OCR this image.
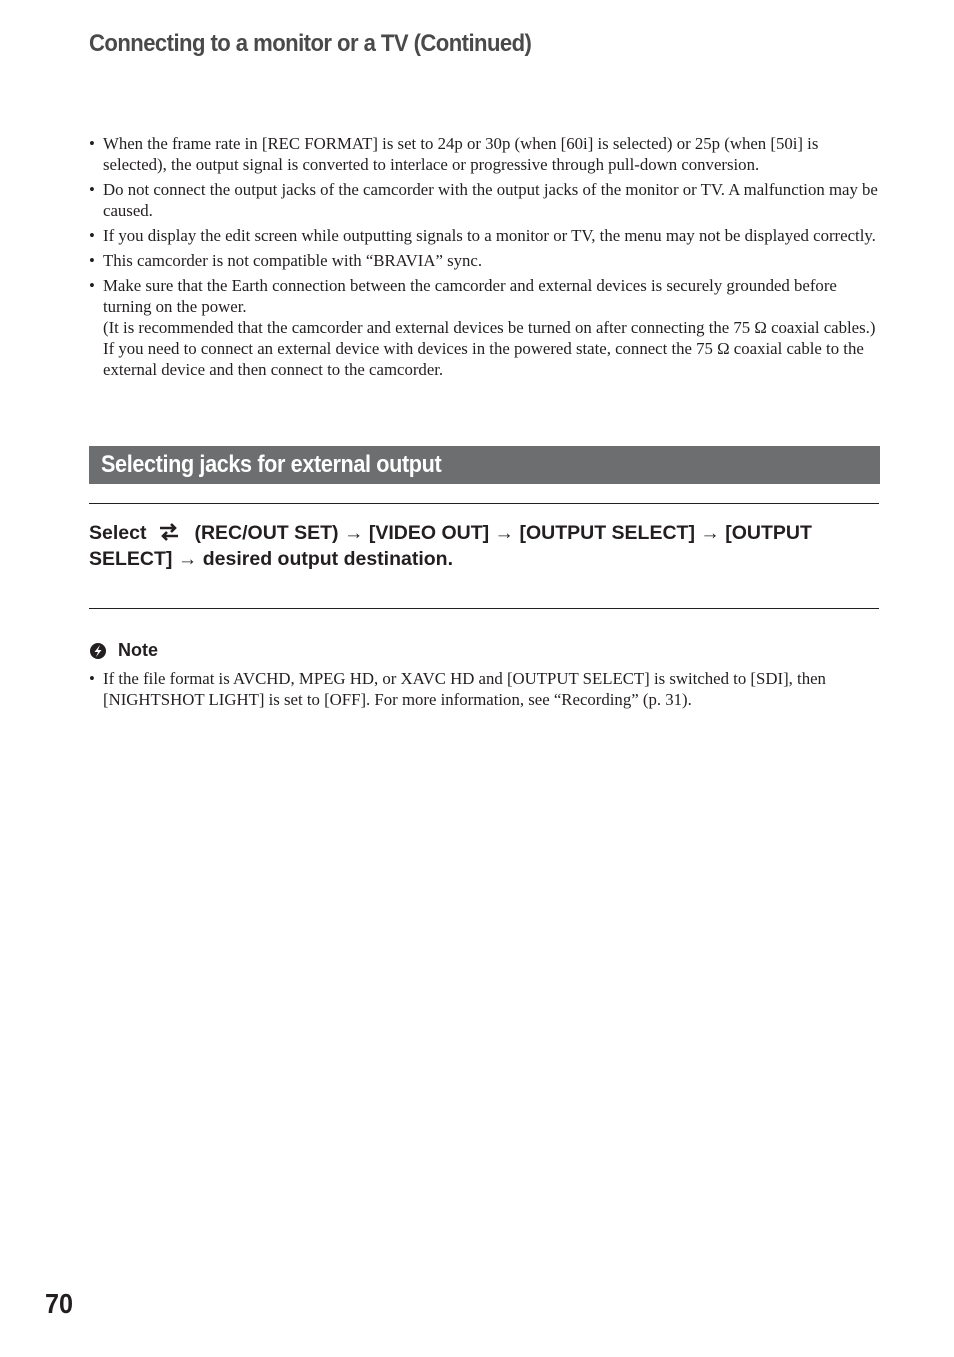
Connecting to a monitor or a TV (Continued)
• When the frame rate in [REC FORMAT] is set to 24p or 30p (when [60i] is selected) or 25p (when [50i] is selected), the output signal is converted to interlace or progressive through pull-down conversion.
• Do not connect the output jacks of the camcorder with the output jacks of the monitor or TV. A malfunction may be caused.
• If you display the edit screen while outputting signals to a monitor or TV, the menu may not be displayed correctly.
• This camcorder is not compatible with “BRAVIA” sync.
• Make sure that the Earth connection between the camcorder and external devices is securely grounded before turning on the power.
(It is recommended that the camcorder and external devices be turned on after connecting the 75 Ω coaxial cables.)
If you need to connect an external device with devices in the powered state, connect the 75 Ω coaxial cable to the external device and then connect to the camcorder.
Selecting jacks for external output

Select (REC/OUT SET) → [VIDEO OUT] → [OUTPUT SELECT] → [OUTPUT SELECT] → desired output destination.

Note
• If the file format is AVCHD, MPEG HD, or XAVC HD and [OUTPUT SELECT] is switched to [SDI], then [NIGHTSHOT LIGHT] is set to [OFF]. For more information, see “Recording” (p. 31).
70
